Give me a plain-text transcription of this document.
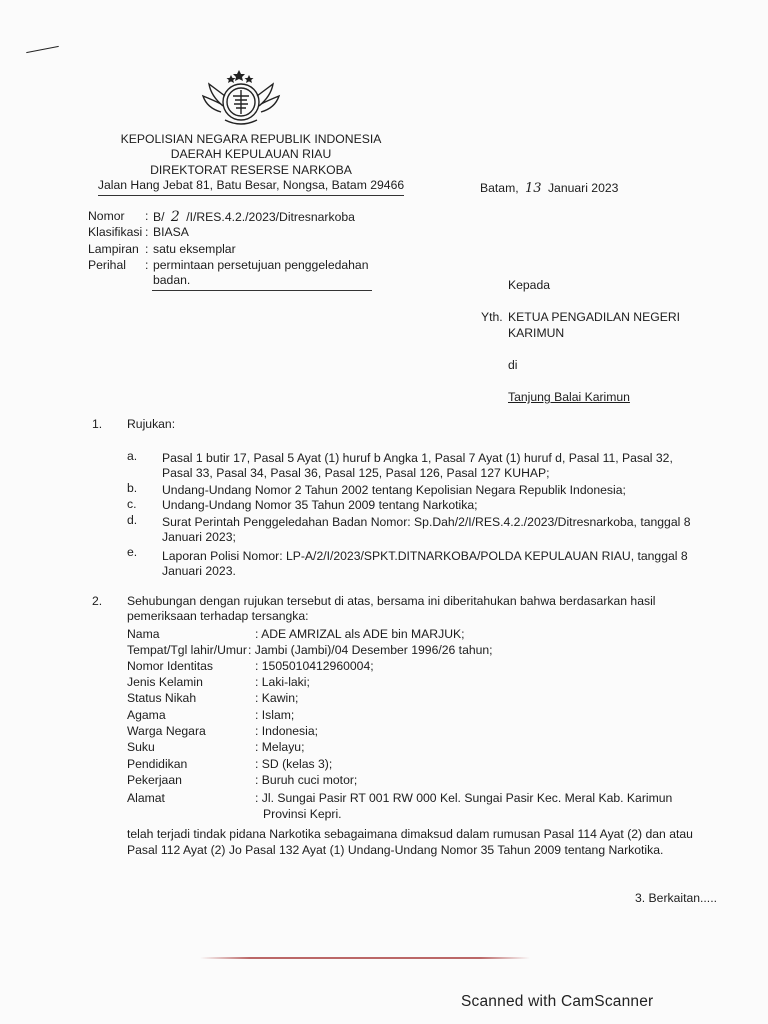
KEPOLISIAN NEGARA REPUBLIK INDONESIA
DAERAH KEPULAUAN RIAU
DIREKTORAT RESERSE NARKOBA
Jalan Hang Jebat 81, Batu Besar, Nongsa, Batam 29466	Batam, 13 Januari 2023
Nomor : B/ 2 /I/RES.4.2./2023/Ditresnarkoba
Klasifikasi : BIASA
Lampiran : satu eksemplar
Perihal : permintaan persetujuan penggeledahan
badan.	Kepada
Yth. KETUA PENGADILAN NEGERI
KARIMUN
di
Tanjung Balai Karimun
1. Rujukan:
a. Pasal 1 butir 17, Pasal 5 Ayat (1) huruf b Angka 1, Pasal 7 Ayat (1) huruf d, Pasal 11, Pasal 32,
Pasal 33, Pasal 34, Pasal 36, Pasal 125, Pasal 126, Pasal 127 KUHAP;
b. Undang-Undang Nomor 2 Tahun 2002 tentang Kepolisian Negara Republik Indonesia;
c. Undang-Undang Nomor 35 Tahun 2009 tentang Narkotika;
d. Surat Perintah Penggeledahan Badan Nomor: Sp.Dah/2/I/RES.4.2./2023/Ditresnarkoba, tanggal 8
Januari 2023;
e. Laporan Polisi Nomor: LP-A/2/I/2023/SPKT.DITNARKOBA/POLDA KEPULAUAN RIAU, tanggal 8
Januari 2023.
2. Sehubungan dengan rujukan tersebut di atas, bersama ini diberitahukan bahwa berdasarkan hasil
pemeriksaan terhadap tersangka:
Nama	: ADE AMRIZAL als ADE bin MARJUK;
Tempat/Tgl lahir/Umur : Jambi (Jambi)/04 Desember 1996/26 tahun;
Nomor Identitas	: 1505010412960004;
Jenis Kelamin	: Laki-laki;
Status Nikah	: Kawin;
Agama	: Islam;
Warga Negara	: Indonesia;
Suku	: Melayu;
Pendidikan	: SD (kelas 3);
Pekerjaan	: Buruh cuci motor;
Alamat	: Jl. Sungai Pasir RT 001 RW 000 Kel. Sungai Pasir Kec. Meral Kab. Karimun
Provinsi Kepri.
telah terjadi tindak pidana Narkotika sebagaimana dimaksud dalam rumusan Pasal 114 Ayat (2) dan atau
Pasal 112 Ayat (2) Jo Pasal 132 Ayat (1) Undang-Undang Nomor 35 Tahun 2009 tentang Narkotika.
3. Berkaitan.....
Scanned with CamScanner
